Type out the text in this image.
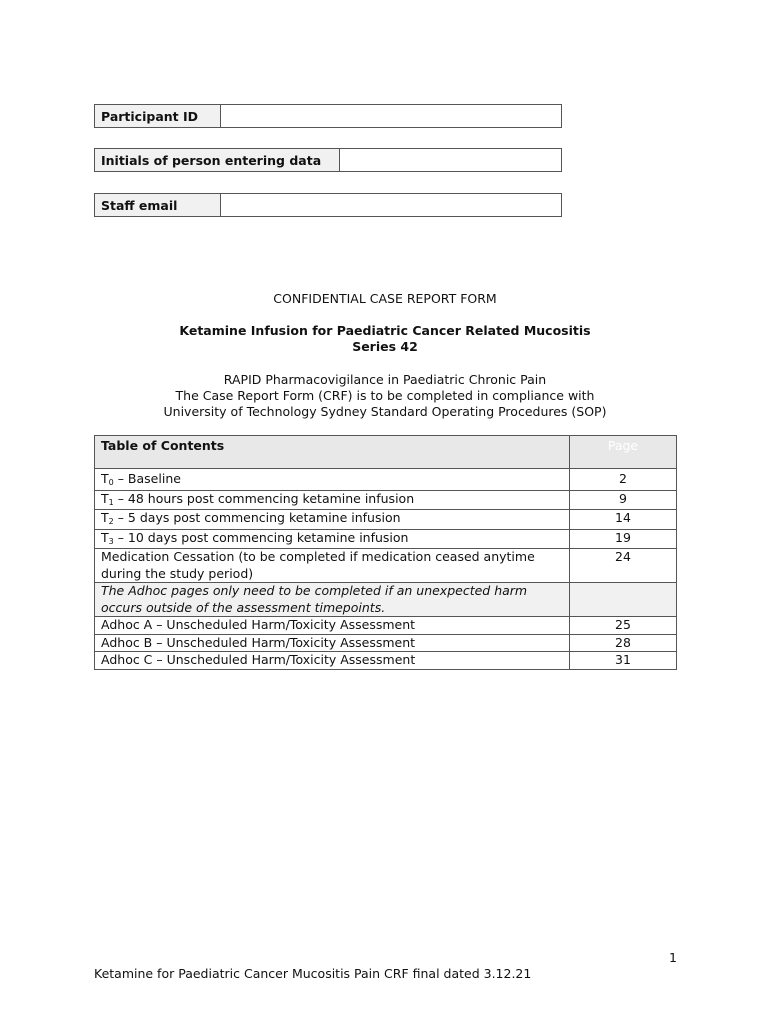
Participant ID	
Initials of person entering data	
Staff email	
CONFIDENTIAL CASE REPORT FORM
Ketamine Infusion for Paediatric Cancer Related Mucositis
Series 42
RAPID Pharmacovigilance in Paediatric Chronic Pain
The Case Report Form (CRF) is to be completed in compliance with
University of Technology Sydney Standard Operating Procedures (SOP)
Table of Contents	Page
$T_0$ – Baseline	2
$T_1 - 48$ hours post commencing ketamine infusion	9
$T_2 - 5$ days post commencing ketamine infusion	14
$T_3 - 10$ days post commencing ketamine infusion	19
Medication Cessation (to be completed if medication ceased anytime during the study period)	24
The Adhoc pages only need to be completed if an unexpected harm occurs outside of the assessment timepoints.	
Adhoc A – Unscheduled Harm/Toxicity Assessment	25
Adhoc B – Unscheduled Harm/Toxicity Assessment	28
Adhoc C – Unscheduled Harm/Toxicity Assessment	31
1
Ketamine for Paediatric Cancer Mucositis Pain CRF final dated 3.12.21
